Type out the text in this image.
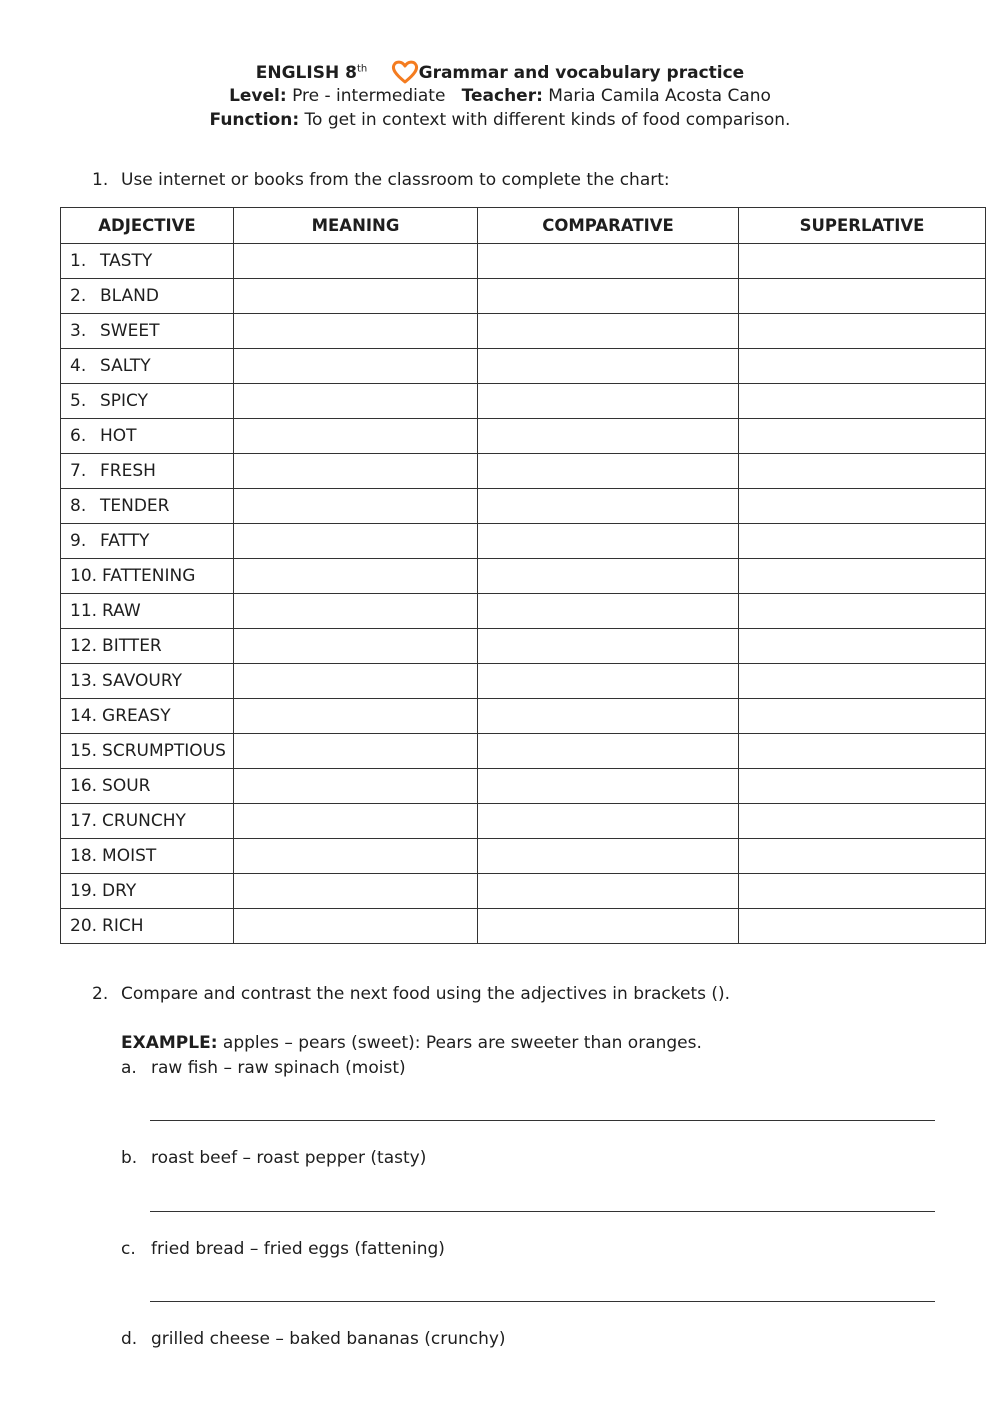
ENGLISH 8th	Grammar and vocabulary practice
Level: Pre - intermediate Teacher: Maria Camila Acosta Cano
Function: To get in context with different kinds of food comparison.
1. Use internet or books from the classroom to complete the chart:
ADJECTIVE	MEANING	COMPARATIVE	SUPERLATIVE
1. TASTY			
2. BLAND			
3. SWEET			
4. SALTY			
5. SPICY			
6. HOT			
7. FRESH			
8. TENDER			
9. FATTY			
10. FATTENING			
11. RAW			
12. BITTER			
13. SAVOURY			
14. GREASY			
15. SCRUMPTIOUS			
16. SOUR			
17. CRUNCHY			
18. MOIST			
19. DRY			
20. RICH			
2. Compare and contrast the next food using the adjectives in brackets ().
EXAMPLE: apples – pears (sweet): Pears are sweeter than oranges.
a. raw fish – raw spinach (moist)
b. roast beef – roast pepper (tasty)
c. fried bread – fried eggs (fattening)
d. grilled cheese – baked bananas (crunchy)
